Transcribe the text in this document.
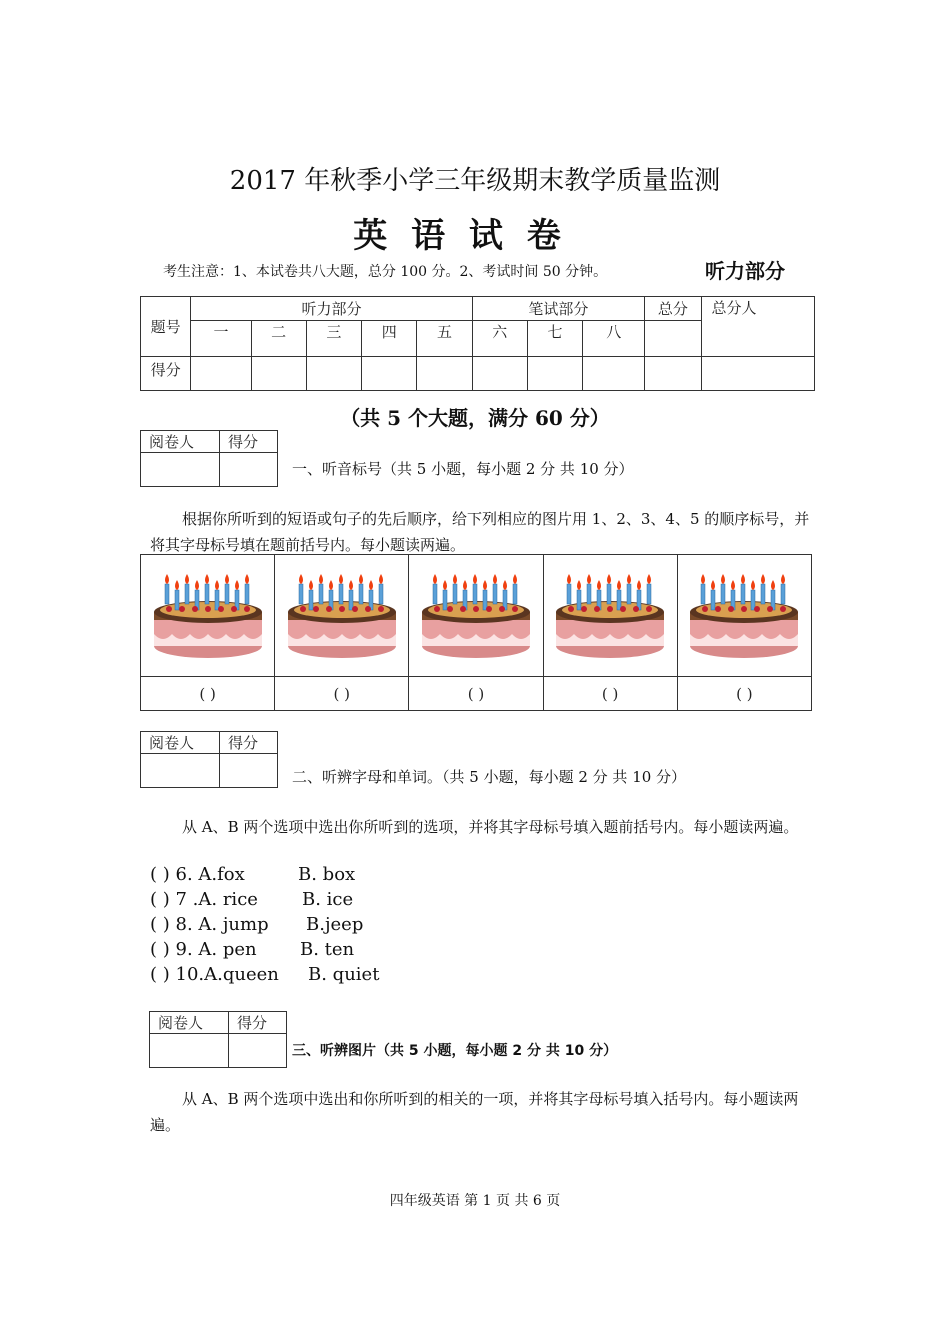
2017 年秋季小学三年级期末教学质量监测
英 语 试 卷
考生注意：1、本试卷共八大题，总分 100 分。2、考试时间 50 分钟。	听力部分
题号	听力部分					笔试部分			总分	总分人
	一	二	三	四	五	六	七	八		
得分										
（共 5 个大题，满分 60 分）
阅卷人	得分

一、听音标号（共 5 小题，每小题 2 分 共 10 分）
根据你所听到的短语或句子的先后顺序，给下列相应的图片用 1、2、3、4、5 的顺序标号，并将其字母标号填在题前括号内。每小题读两遍。

( )	( )	( )	( )	( )
阅卷人	得分

二、听辨字母和单词。（共 5 小题，每小题 2 分 共 10 分）
从 A、B 两个选项中选出你所听到的选项，并将其字母标号填入题前括号内。每小题读两遍。
( ) 6. A.fox	B. box
( ) 7 .A. rice B. ice
( ) 8. A. jump B.jeep
( ) 9. A. pen B. ten
( ) 10.A.queen B. quiet
阅卷人	得分

三、听辨图片（共 5 小题，每小题 2 分 共 10 分）
从 A、B 两个选项中选出和你所听到的相关的一项，并将其字母标号填入括号内。每小题读两遍。
四年级英语 第 1 页 共 6 页
